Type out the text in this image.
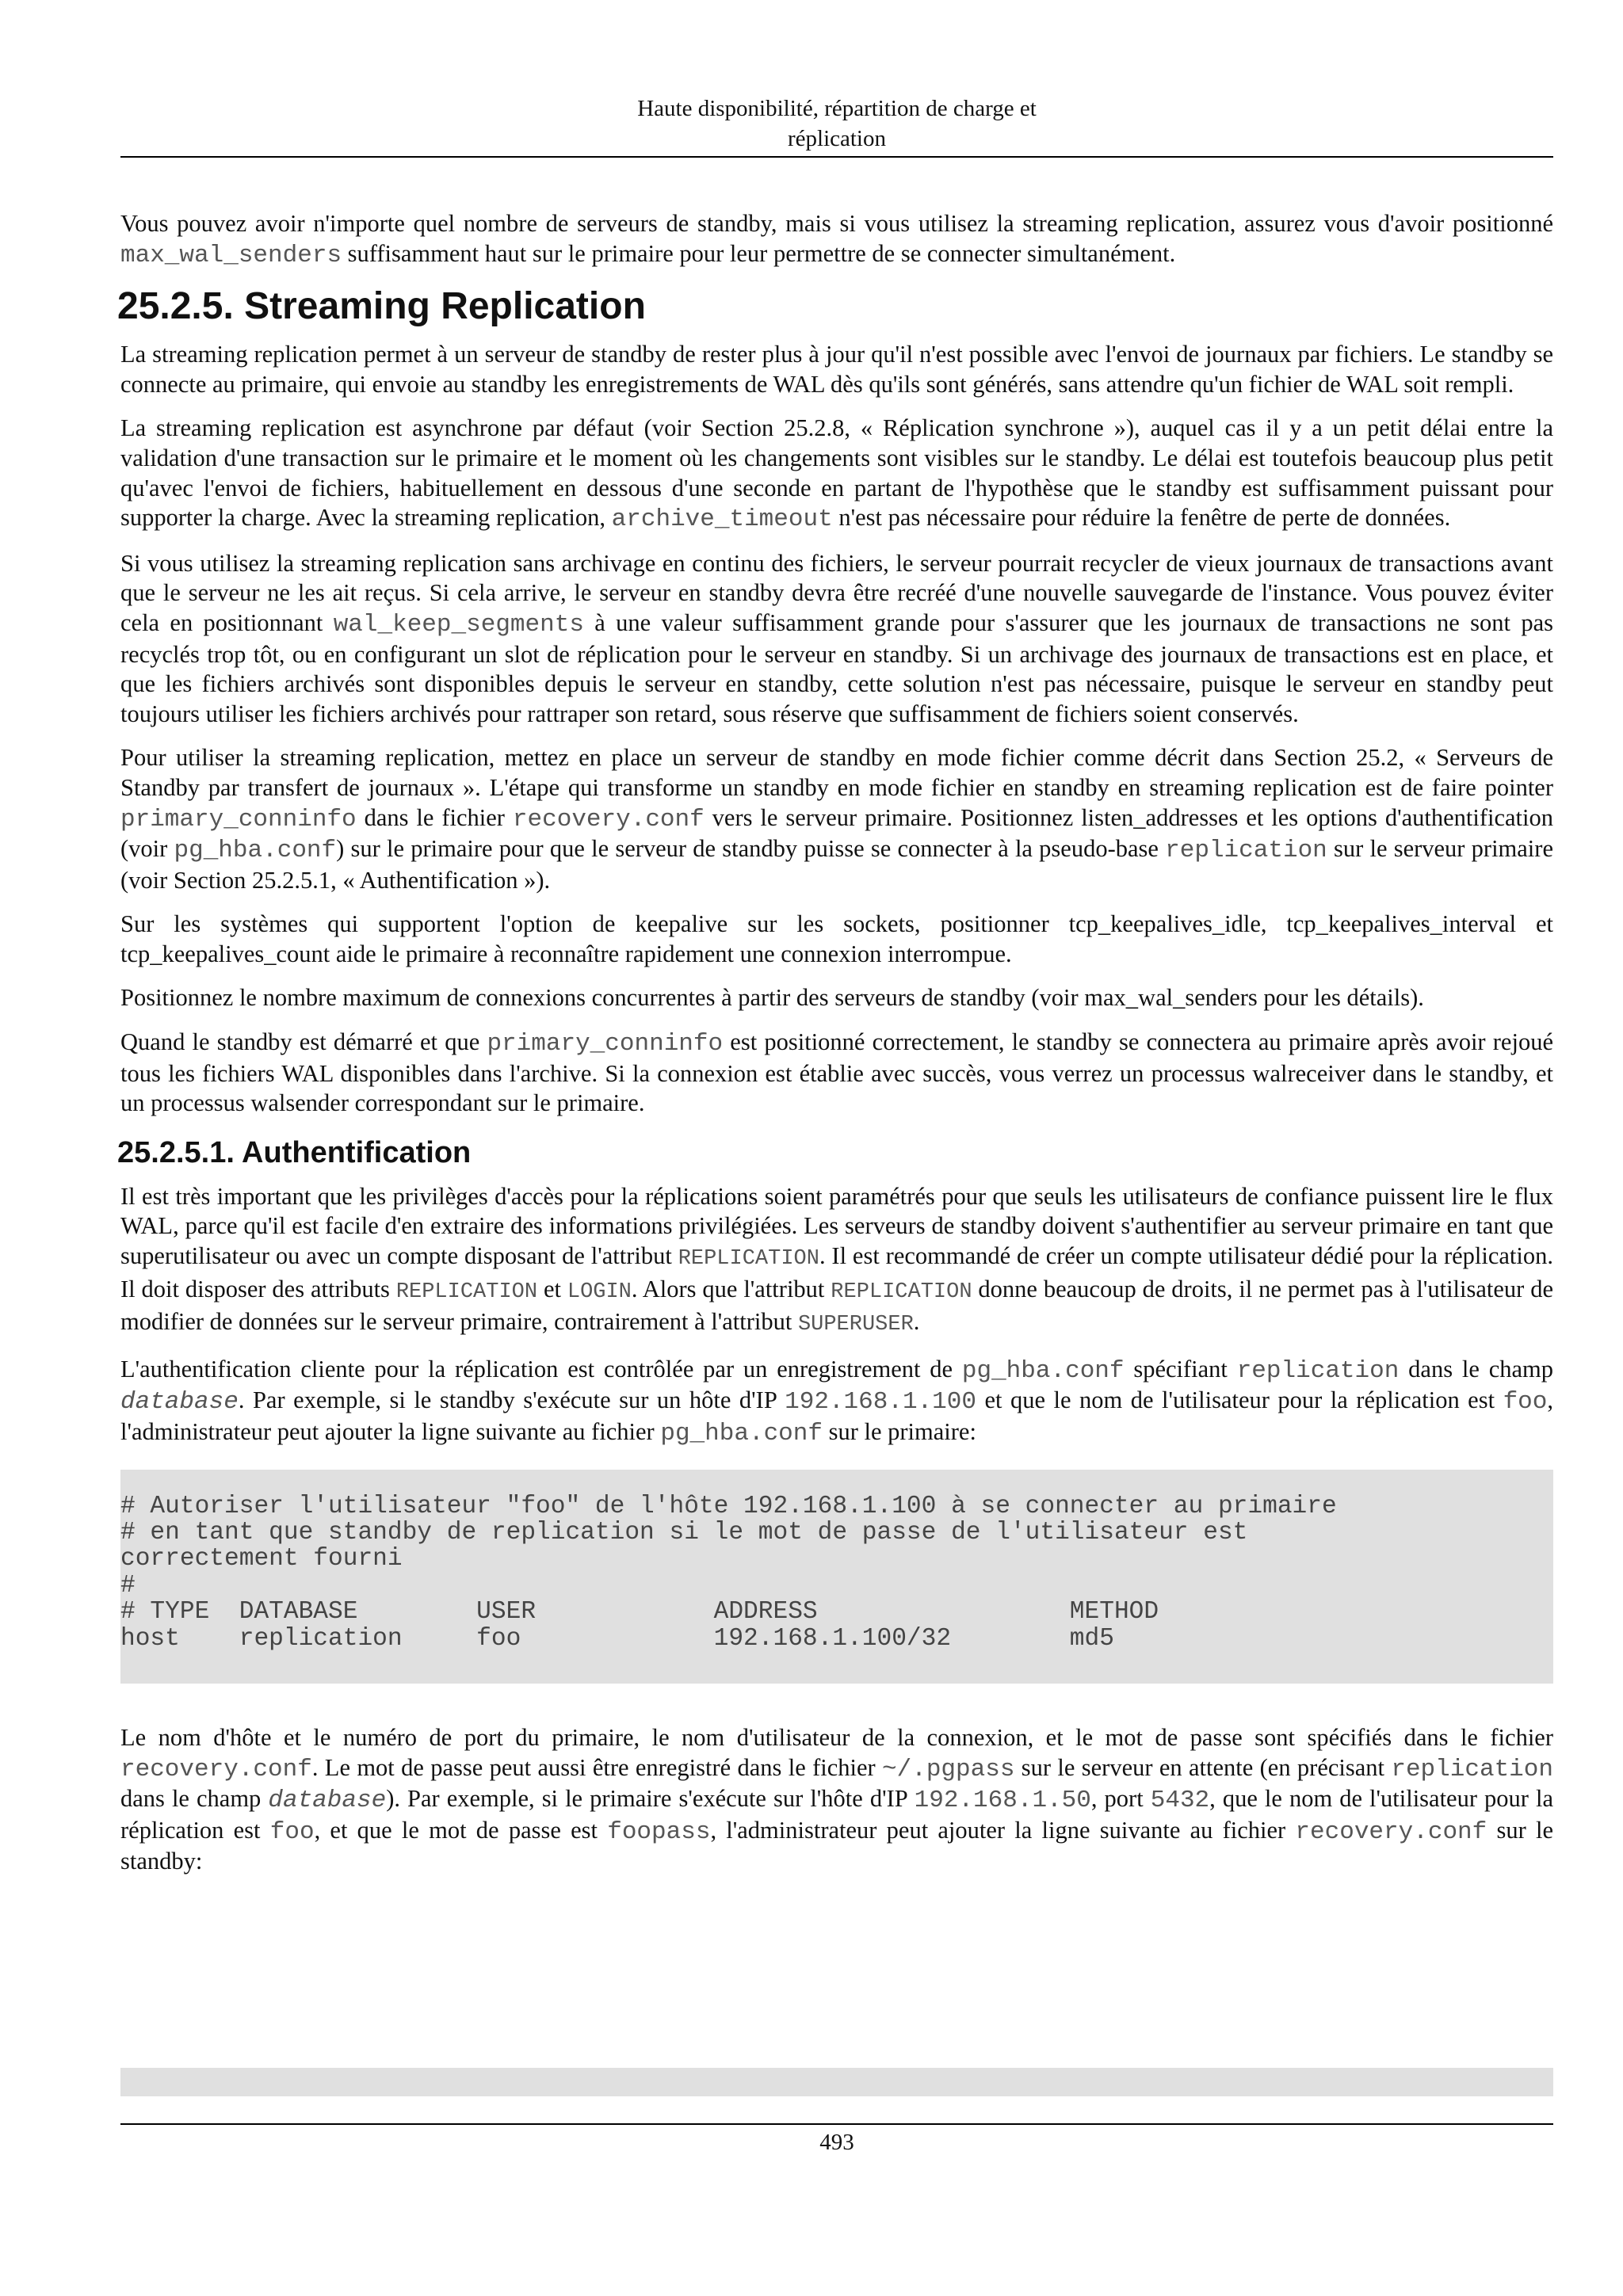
Haute disponibilité, répartition de charge et
réplication

Vous pouvez avoir n'importe quel nombre de serveurs de standby, mais si vous utilisez la streaming replication, assurez vous d'avoir positionné max_wal_senders suffisamment haut sur le primaire pour leur permettre de se connecter simultanément.

25.2.5. Streaming Replication

La streaming replication permet à un serveur de standby de rester plus à jour qu'il n'est possible avec l'envoi de journaux par fichiers. Le standby se connecte au primaire, qui envoie au standby les enregistrements de WAL dès qu'ils sont générés, sans attendre qu'un fichier de WAL soit rempli.

La streaming replication est asynchrone par défaut (voir Section 25.2.8, « Réplication synchrone »), auquel cas il y a un petit délai entre la validation d'une transaction sur le primaire et le moment où les changements sont visibles sur le standby. Le délai est toutefois beaucoup plus petit qu'avec l'envoi de fichiers, habituellement en dessous d'une seconde en partant de l'hypothèse que le standby est suffisamment puissant pour supporter la charge. Avec la streaming replication, archive_timeout n'est pas nécessaire pour réduire la fenêtre de perte de données.

Si vous utilisez la streaming replication sans archivage en continu des fichiers, le serveur pourrait recycler de vieux journaux de transactions avant que le serveur ne les ait reçus. Si cela arrive, le serveur en standby devra être recréé d'une nouvelle sauvegarde de l'instance. Vous pouvez éviter cela en positionnant wal_keep_segments à une valeur suffisamment grande pour s'assurer que les journaux de transactions ne sont pas recyclés trop tôt, ou en configurant un slot de réplication pour le serveur en standby. Si un archivage des journaux de transactions est en place, et que les fichiers archivés sont disponibles depuis le serveur en standby, cette solution n'est pas nécessaire, puisque le serveur en standby peut toujours utiliser les fichiers archivés pour rattraper son retard, sous réserve que suffisamment de fichiers soient conservés.

Pour utiliser la streaming replication, mettez en place un serveur de standby en mode fichier comme décrit dans Section 25.2, « Serveurs de Standby par transfert de journaux ». L'étape qui transforme un standby en mode fichier en standby en streaming replication est de faire pointer primary_conninfo dans le fichier recovery.conf vers le serveur primaire. Positionnez listen_addresses et les options d'authentification (voir pg_hba.conf) sur le primaire pour que le serveur de standby puisse se connecter à la pseudo-base replication sur le serveur primaire (voir Section 25.2.5.1, « Authentification »).

Sur les systèmes qui supportent l'option de keepalive sur les sockets, positionner tcp_keepalives_idle, tcp_keepalives_interval et tcp_keepalives_count aide le primaire à reconnaître rapidement une connexion interrompue.

Positionnez le nombre maximum de connexions concurrentes à partir des serveurs de standby (voir max_wal_senders pour les détails).

Quand le standby est démarré et que primary_conninfo est positionné correctement, le standby se connectera au primaire après avoir rejoué tous les fichiers WAL disponibles dans l'archive. Si la connexion est établie avec succès, vous verrez un processus walreceiver dans le standby, et un processus walsender correspondant sur le primaire.

25.2.5.1. Authentification

Il est très important que les privilèges d'accès pour la réplications soient paramétrés pour que seuls les utilisateurs de confiance puissent lire le flux WAL, parce qu'il est facile d'en extraire des informations privilégiées. Les serveurs de standby doivent s'authentifier au serveur primaire en tant que superutilisateur ou avec un compte disposant de l'attribut REPLICATION. Il est recommandé de créer un compte utilisateur dédié pour la réplication. Il doit disposer des attributs REPLICATION et LOGIN. Alors que l'attribut REPLICATION donne beaucoup de droits, il ne permet pas à l'utilisateur de modifier de données sur le serveur primaire, contrairement à l'attribut SUPERUSER.

L'authentification cliente pour la réplication est contrôlée par un enregistrement de pg_hba.conf spécifiant replication dans le champ database. Par exemple, si le standby s'exécute sur un hôte d'IP 192.168.1.100 et que le nom de l'utilisateur pour la réplication est foo, l'administrateur peut ajouter la ligne suivante au fichier pg_hba.conf sur le primaire:

# Autoriser l'utilisateur "foo" de l'hôte 192.168.1.100 à se connecter au primaire
# en tant que standby de replication si le mot de passe de l'utilisateur est
correctement fourni
#
# TYPE  DATABASE        USER            ADDRESS                 METHOD
host    replication     foo             192.168.1.100/32        md5

Le nom d'hôte et le numéro de port du primaire, le nom d'utilisateur de la connexion, et le mot de passe sont spécifiés dans le fichier recovery.conf. Le mot de passe peut aussi être enregistré dans le fichier ~/.pgpass sur le serveur en attente (en précisant replication dans le champ database). Par exemple, si le primaire s'exécute sur l'hôte d'IP 192.168.1.50, port 5432, que le nom de l'utilisateur pour la réplication est foo, et que le mot de passe est foopass, l'administrateur peut ajouter la ligne suivante au fichier recovery.conf sur le standby:

493
